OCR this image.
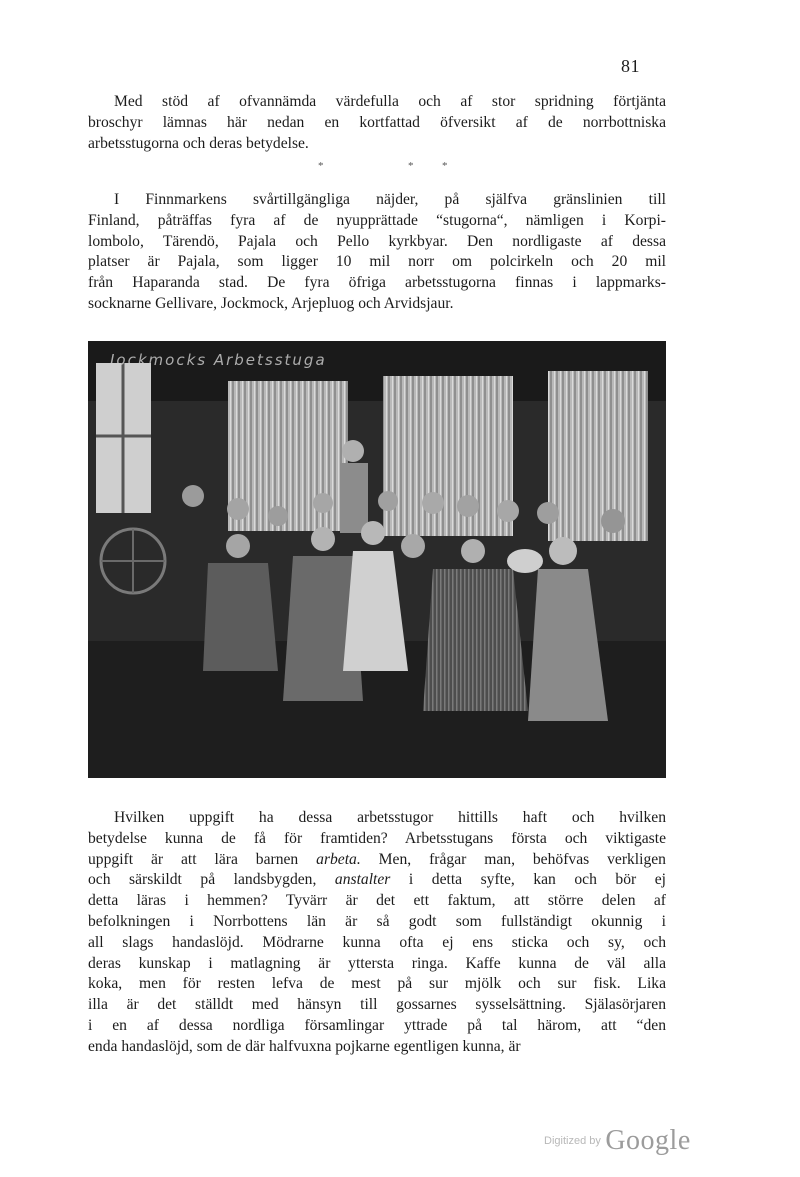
81

Med stöd af ofvannämda värdefulla och af stor spridning förtjänta
broschyr lämnas här nedan en kortfattad öfversikt af de norrbottniska
arbetsstugorna och deras betydelse.

*	*	*

I Finnmarkens svårtillgängliga näjder, på själfva gränslinien till
Finland, påträffas fyra af de nyupprättade “stugorna“, nämligen i Korpi-
lombolo, Tärendö, Pajala och Pello kyrkbyar. Den nordligaste af dessa
platser är Pajala, som ligger 10 mil norr om polcirkeln och 20 mil
från Haparanda stad. De fyra öfriga arbetsstugorna finnas i lappmarks-
socknarne Gellivare, Jockmock, Arjepluog och Arvidsjaur.

Jockmocks Arbetsstuga

Hvilken uppgift ha dessa arbetsstugor hittills haft och hvilken
betydelse kunna de få för framtiden? Arbetsstugans första och viktigaste
uppgift är att lära barnen arbeta. Men, frågar man, behöfvas verkligen
och särskildt på landsbygden, anstalter i detta syfte, kan och bör ej
detta läras i hemmen? Tyvärr är det ett faktum, att större delen af
befolkningen i Norrbottens län är så godt som fullständigt okunnig i
all slags handaslöjd. Mödrarne kunna ofta ej ens sticka och sy, och
deras kunskap i matlagning är yttersta ringa. Kaffe kunna de väl alla
koka, men för resten lefva de mest på sur mjölk och sur fisk. Lika
illa är det ställdt med hänsyn till gossarnes sysselsättning. Själasörjaren
i en af dessa nordliga församlingar yttrade på tal härom, att “den
enda handaslöjd, som de där halfvuxna pojkarne egentligen kunna, är

Digitized by Google
